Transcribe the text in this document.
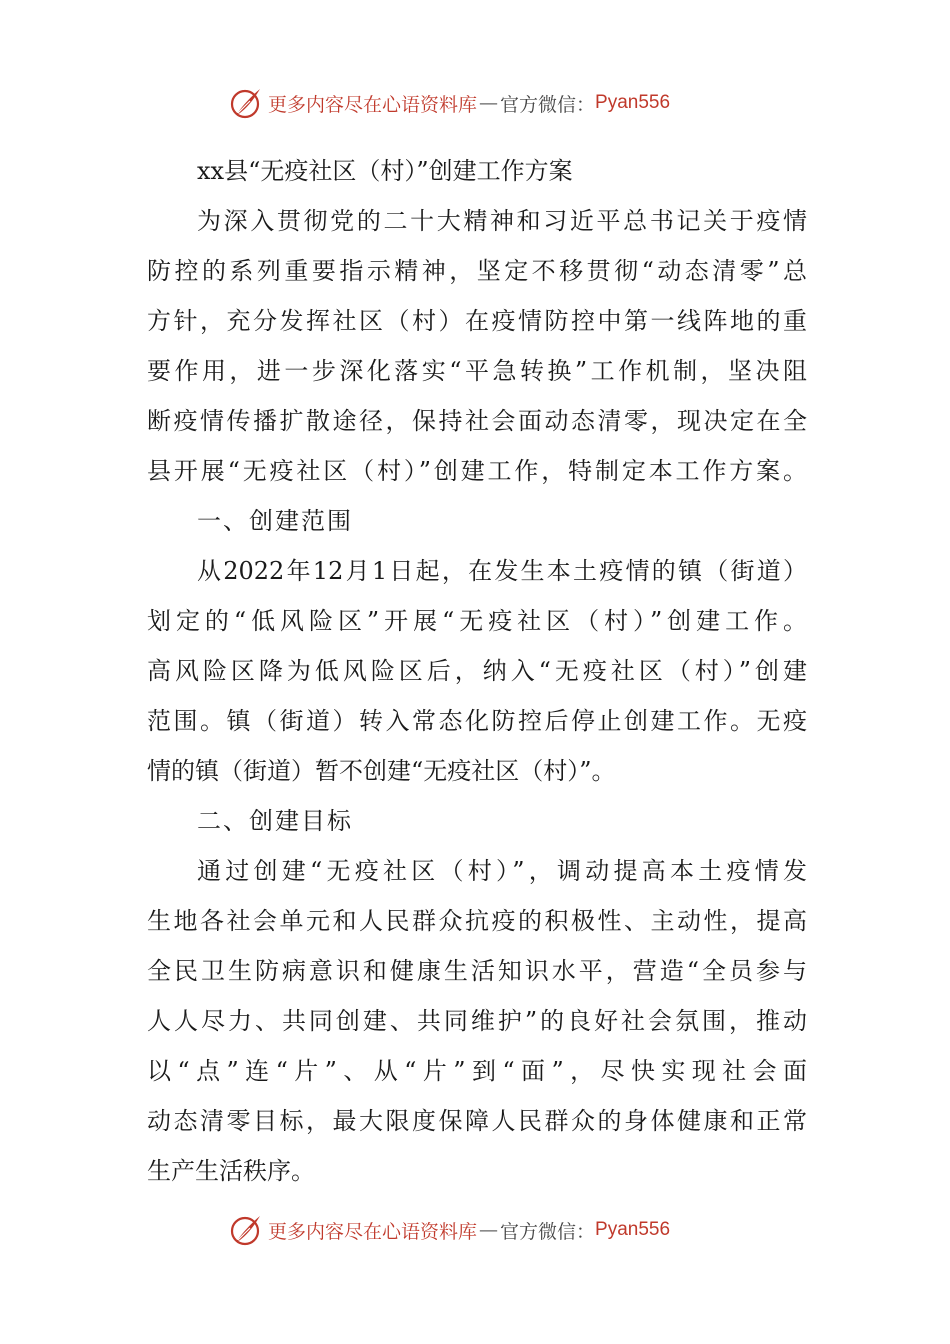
更多内容尽在心语资料库 — 官方微信： Pyan556
xx县“无疫社区（村）”创建工作方案
为深入贯彻党的二十大精神和习近平总书记关于疫情
防控的系列重要指示精神，坚定不移贯彻“动态清零”总
方针，充分发挥社区（村）在疫情防控中第一线阵地的重
要作用，进一步深化落实“平急转换”工作机制，坚决阻
断疫情传播扩散途径，保持社会面动态清零，现决定在全
县开展“无疫社区（村）”创建工作，特制定本工作方案。
一、创建范围
从2022年12月1日起，在发生本土疫情的镇（街道）
划定的“低风险区”开展“无疫社区（村）”创建工作。
高风险区降为低风险区后，纳入“无疫社区（村）”创建
范围。镇（街道）转入常态化防控后停止创建工作。无疫
情的镇（街道）暂不创建“无疫社区（村）”。
二、创建目标
通过创建“无疫社区（村）”，调动提高本土疫情发
生地各社会单元和人民群众抗疫的积极性、主动性，提高
全民卫生防病意识和健康生活知识水平，营造“全员参与
人人尽力、共同创建、共同维护”的良好社会氛围，推动
以“点”连“片”、从“片”到“面”，尽快实现社会面
动态清零目标，最大限度保障人民群众的身体健康和正常
生产生活秩序。
更多内容尽在心语资料库 — 官方微信： Pyan556
